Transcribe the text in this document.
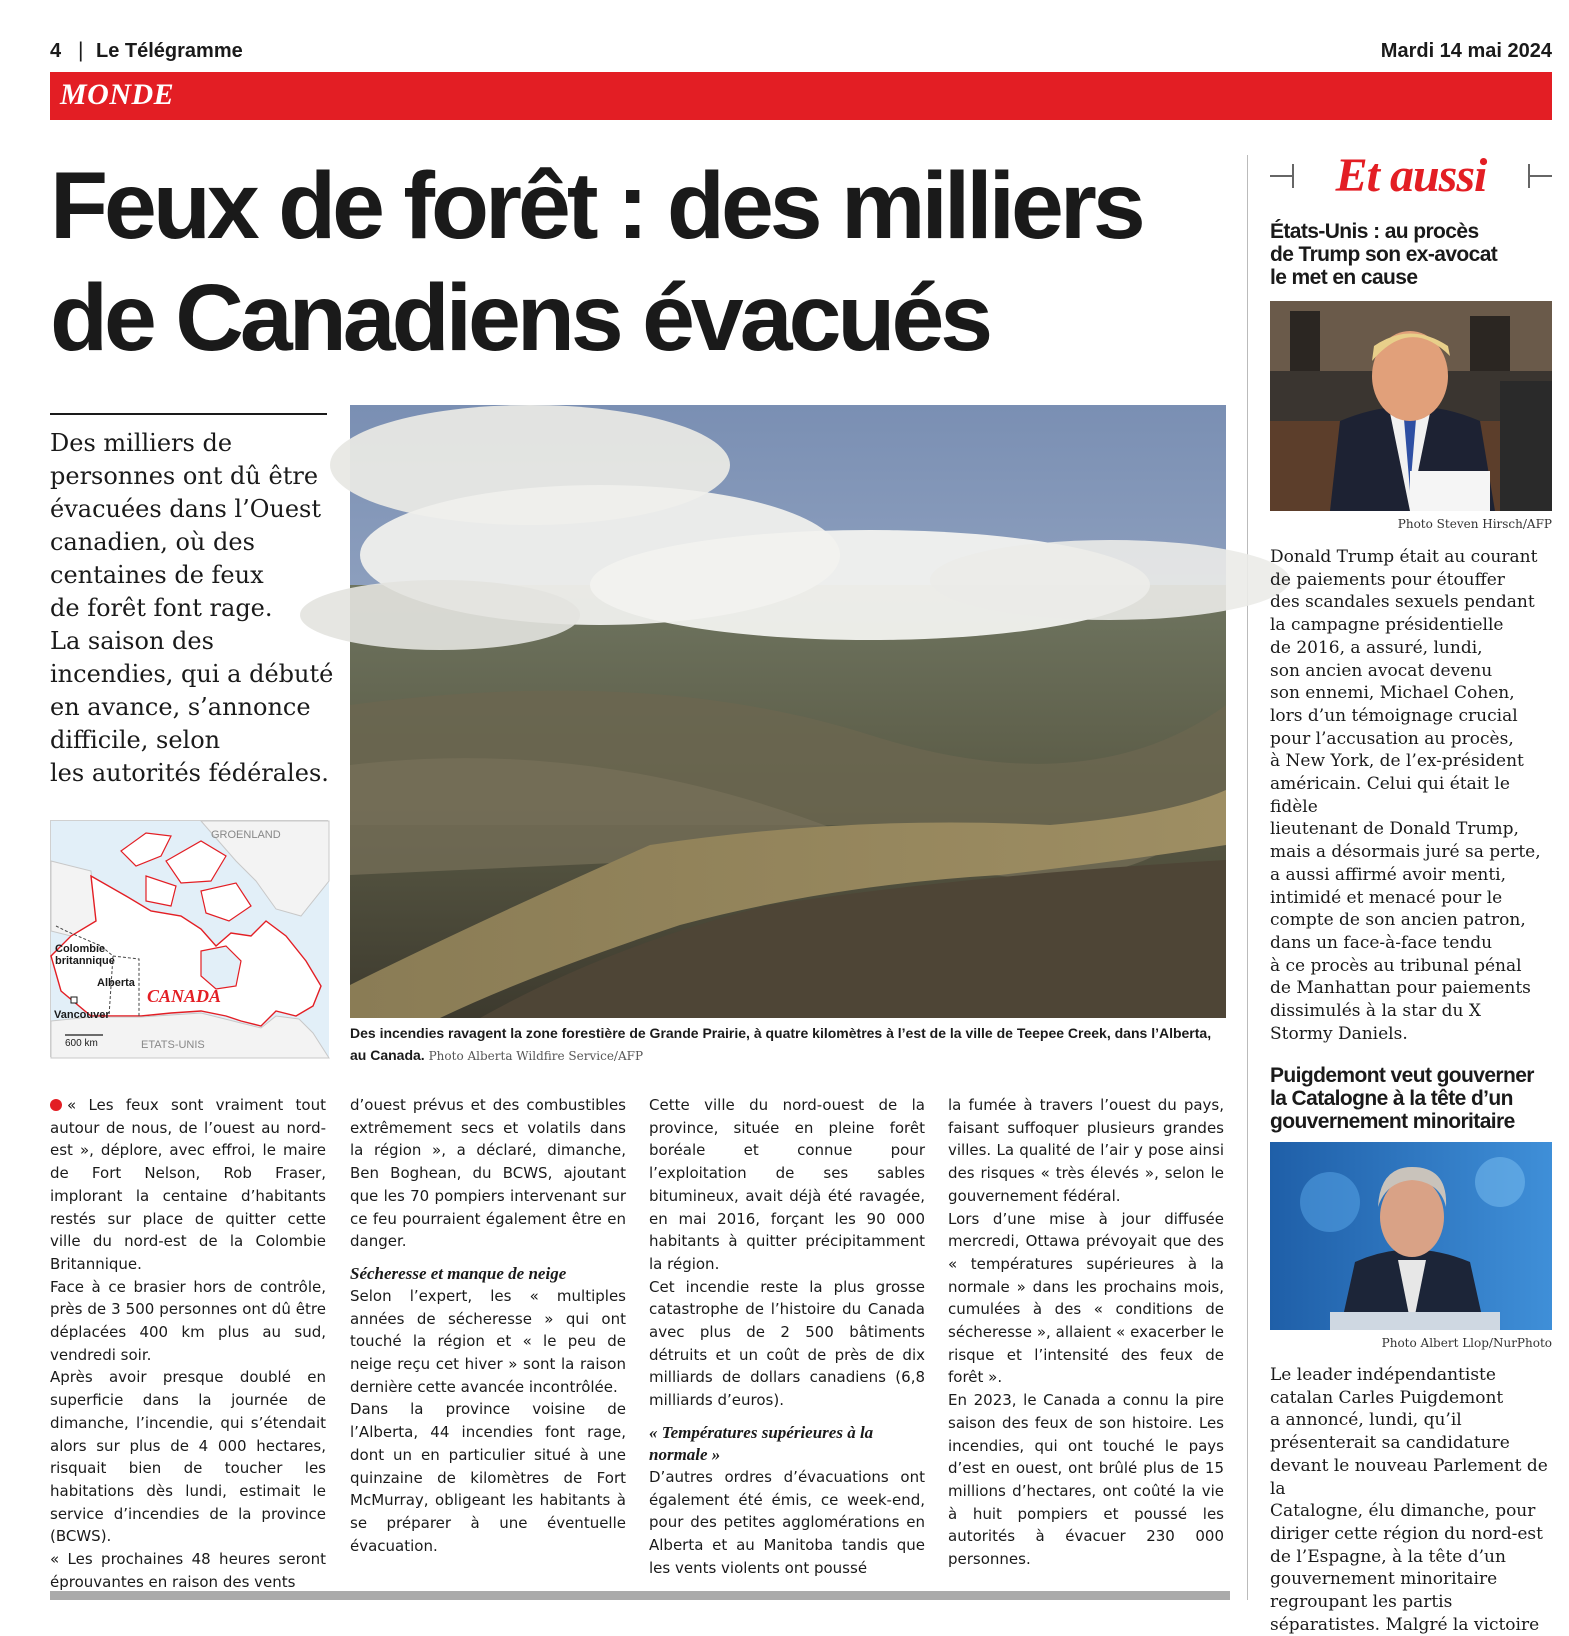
4 | Le Télégramme	Mardi 14 mai 2024
MONDE
Feux de forêt : des milliers
de Canadiens évacués
Des milliers de
personnes ont dû être
évacuées dans l’Ouest
canadien, où des
centaines de feux
de forêt font rage.
La saison des
incendies, qui a débuté
en avance, s’annonce
difficile, selon
les autorités fédérales.
GROENLAND
Colombie
britannique
Alberta
CANADA
Vancouver
600 km	ETATS-UNIS
Des incendies ravagent la zone forestière de Grande Prairie, à quatre kilomètres à l’est de la ville de Teepee Creek, dans l’Alberta, au Canada. Photo Alberta Wildfire Service/AFP

« Les feux sont vraiment tout autour de nous, de l’ouest au nord-est », déplore, avec effroi, le maire de Fort Nelson, Rob Fraser, implorant la centaine d’habitants restés sur place de quitter cette ville du nord-est de la Colombie Britannique.

Face à ce brasier hors de contrôle, près de 3 500 personnes ont dû être déplacées 400 km plus au sud, vendredi soir.

Après avoir presque doublé en superficie dans la journée de dimanche, l’incendie, qui s’étendait alors sur plus de 4 000 hectares, risquait bien de toucher les habitations dès lundi, estimait le service d’incendies de la province (BCWS).

« Les prochaines 48 heures seront éprouvantes en raison des vents

d’ouest prévus et des combustibles extrêmement secs et volatils dans la région », a déclaré, dimanche, Ben Boghean, du BCWS, ajoutant que les 70 pompiers intervenant sur ce feu pourraient également être en danger.

Sécheresse et manque de neige

Selon l’expert, les « multiples années de sécheresse » qui ont touché la région et « le peu de neige reçu cet hiver » sont la raison dernière cette avancée incontrôlée.

Dans la province voisine de l’Alberta, 44 incendies font rage, dont un en particulier situé à une quinzaine de kilomètres de Fort McMurray, obligeant les habitants à se préparer à une éventuelle évacuation.

Cette ville du nord-ouest de la province, située en pleine forêt boréale et connue pour l’exploitation de ses sables bitumineux, avait déjà été ravagée, en mai 2016, forçant les 90 000 habitants à quitter précipitamment la région.

Cet incendie reste la plus grosse catastrophe de l’histoire du Canada avec plus de 2 500 bâtiments détruits et un coût de près de dix milliards de dollars canadiens (6,8 milliards d’euros).

« Températures supérieures à la normale »

D’autres ordres d’évacuations ont également été émis, ce week-end, pour des petites agglomérations en Alberta et au Manitoba tandis que les vents violents ont poussé

la fumée à travers l’ouest du pays, faisant suffoquer plusieurs grandes villes. La qualité de l’air y pose ainsi des risques « très élevés », selon le gouvernement fédéral.

Lors d’une mise à jour diffusée mercredi, Ottawa prévoyait que des « températures supérieures à la normale » dans les prochains mois, cumulées à des « conditions de sécheresse », allaient « exacerber le risque et l’intensité des feux de forêt ».

En 2023, le Canada a connu la pire saison des feux de son histoire. Les incendies, qui ont touché le pays d’est en ouest, ont brûlé plus de 15 millions d’hectares, ont coûté la vie à huit pompiers et poussé les autorités à évacuer 230 000 personnes.

Et aussi
États-Unis : au procès
de Trump son ex-avocat
le met en cause
Photo Steven Hirsch/AFP
Donald Trump était au courant
de paiements pour étouffer
des scandales sexuels pendant
la campagne présidentielle
de 2016, a assuré, lundi,
son ancien avocat devenu
son ennemi, Michael Cohen,
lors d’un témoignage crucial
pour l’accusation au procès,
à New York, de l’ex-président
américain. Celui qui était le fidèle
lieutenant de Donald Trump,
mais a désormais juré sa perte,
a aussi affirmé avoir menti,
intimidé et menacé pour le
compte de son ancien patron,
dans un face-à-face tendu
à ce procès au tribunal pénal
de Manhattan pour paiements
dissimulés à la star du X
Stormy Daniels.
Puigdemont veut gouverner
la Catalogne à la tête d’un
gouvernement minoritaire
Photo Albert Llop/NurPhoto
Le leader indépendantiste
catalan Carles Puigdemont
a annoncé, lundi, qu’il
présenterait sa candidature
devant le nouveau Parlement de la
Catalogne, élu dimanche, pour
diriger cette région du nord-est
de l’Espagne, à la tête d’un
gouvernement minoritaire
regroupant les partis
séparatistes. Malgré la victoire
